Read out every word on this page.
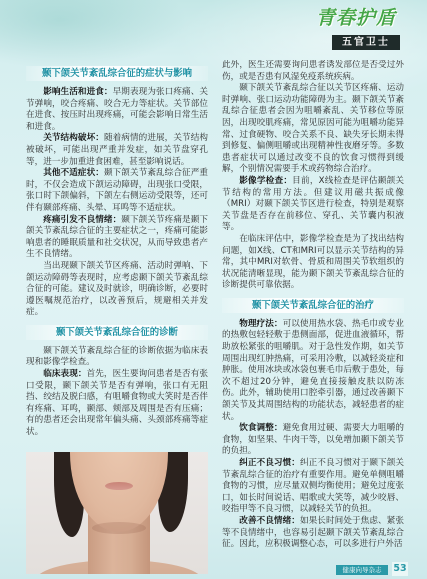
青春护盾
五官卫士
颞下颌关节紊乱综合征的症状与影响

影响生活和进食：早期表现为张口疼痛、关节弹响，咬合疼痛、咬合无力等症状。关节部位在进食、按压时出现疼痛，可能会影响日常生活和进食。

关节结构破坏：随着病情的进展，关节结构被破坏，可能出现严重并发症，如关节盘穿孔等，进一步加重进食困难，甚至影响说话。

其他不适症状：颞下颌关节紊乱综合征严重时，不仅会造成下颌运动障碍，出现张口受限，张口时下颌偏斜，下颌左右侧运动受限等，还可伴有颞部疼痛、头晕、耳鸣等不适症状。

疼痛引发不良情绪：颞下颌关节疼痛是颞下颌关节紊乱综合征的主要症状之一，疼痛可能影响患者的睡眠质量和社交状况，从而导致患者产生不良情绪。

当出现颞下颌关节区疼痛、活动时弹响、下颌运动障碍等表现时，应考虑颞下颌关节紊乱综合征的可能。建议及时就诊，明确诊断，必要时遵医嘱规范治疗，以改善预后，规避相关并发症。

颞下颌关节紊乱综合征的诊断

颞下颌关节紊乱综合征的诊断依据为临床表现和影像学检查。

临床表现：首先，医生要询问患者是否有张口受限，颞下颌关节是否有弹响，张口有无阻挡、绞结及脱臼感，有咀嚼食物或大笑时是否伴有疼痛、耳鸣，颞部、颊部及周围是否有压痛；有的患者还会出现常年偏头痛、头颈部疼痛等症状。

此外，医生还需要询问患者诱发部位是否受过外伤，或是否患有风湿免疫系统疾病。

颞下颌关节紊乱综合征以关节区疼痛、运动时弹响、张口运动功能障碍为主。颞下颌关节紊乱综合征患者会因为咀嚼紊乱、关节移位等原因，出现咬肌疼痛，常见原因可能为咀嚼功能异常、过食硬物、咬合关系不良、缺失牙长期未得到修复、偏侧咀嚼或出现精神性夜磨牙等。多数患者症状可以通过改变不良的饮食习惯得到缓解，个别情况需要手术或药物综合治疗。

影像学检查：目前，X线检查是评估颞颌关节结构的常用方法。但建议用磁共振成像（MRI）对颞下颌关节区进行检查，特别是观察关节盘是否存在前移位、穿孔、关节囊内积液等。

在临床评估中，影像学检查是为了找出结构问题，如X线、CT和MRI可以显示关节结构的异常，其中MRI对软骨、骨质和周围关节软组织的状况能清晰显现，能为颞下颌关节紊乱综合征的诊断提供可靠依据。

颞下颌关节紊乱综合征的治疗

物理疗法：可以使用热水袋、热毛巾或专业的热敷包轻轻敷于患侧面部，促进血液循环，帮助放松紧张的咀嚼肌。对于急性发作期，如关节周围出现红肿热痛，可采用冷敷，以减轻炎症和肿胀。使用冰块或冰袋包裹毛巾后敷于患处，每次不超过20分钟，避免直接接触皮肤以防冻伤。此外，辅助使用口腔牵引器，通过改善颞下颌关节及其周围结构的功能状态，减轻患者的症状。

饮食调整：避免食用过硬、需要大力咀嚼的食物，如坚果、牛肉干等，以免增加颞下颌关节的负担。

纠正不良习惯：纠正不良习惯对于颞下颌关节紊乱综合征的治疗有重要作用。避免单侧咀嚼食物的习惯，应尽量双侧均衡使用；避免过度张口，如长时间说话、唱歌或大笑等，减少咬唇、咬指甲等不良习惯，以减轻关节的负担。

改善不良情绪：如果长时间处于焦虑、紧张等不良情绪中，也容易引起颞下颌关节紊乱综合征。因此，应积极调整心态，可以多进行户外活

健康向导杂志	53
